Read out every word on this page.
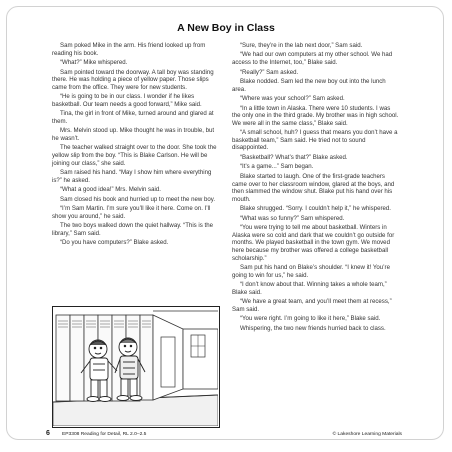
A New Boy in Class

Sam poked Mike in the arm. His friend looked up from reading his book.

“What?” Mike whispered.

Sam pointed toward the doorway. A tall boy was standing there. He was holding a piece of yellow paper. Those slips came from the office. They were for new students.

“He is going to be in our class. I wonder if he likes basketball. Our team needs a good forward,” Mike said.

Tina, the girl in front of Mike, turned around and glared at them.

Mrs. Melvin stood up. Mike thought he was in trouble, but he wasn’t.

The teacher walked straight over to the door. She took the yellow slip from the boy. “This is Blake Carlson. He will be joining our class,” she said.

Sam raised his hand. “May I show him where everything is?” he asked.

“What a good idea!” Mrs. Melvin said.

Sam closed his book and hurried up to meet the new boy.

“I’m Sam Martin. I’m sure you’ll like it here. Come on. I’ll show you around,” he said.

The two boys walked down the quiet hallway. “This is the library,” Sam said.

“Do you have computers?” Blake asked.

“Sure, they’re in the lab next door,” Sam said.

“We had our own computers at my other school. We had access to the Internet, too,” Blake said.

“Really?” Sam asked.

Blake nodded. Sam led the new boy out into the lunch area.

“Where was your school?” Sam asked.

“In a little town in Alaska. There were 10 students. I was the only one in the third grade. My brother was in high school. We were all in the same class,” Blake said.

“A small school, huh? I guess that means you don’t have a basketball team,” Sam said. He tried not to sound disappointed.

“Basketball? What’s that?” Blake asked.

“It’s a game...” Sam began.

Blake started to laugh. One of the first-grade teachers came over to her classroom window, glared at the boys, and then slammed the window shut. Blake put his hand over his mouth.

Blake shrugged. “Sorry. I couldn’t help it,” he whispered.

“What was so funny?” Sam whispered.

“You were trying to tell me about basketball. Winters in Alaska were so cold and dark that we couldn’t go outside for months. We played basketball in the town gym. We moved here because my brother was offered a college basketball scholarship.”

Sam put his hand on Blake’s shoulder. “I knew it! You’re going to win for us,” he said.

“I don’t know about that. Winning takes a whole team,” Blake said.

“We have a great team, and you’ll meet them at recess,” Sam said.

“You were right. I’m going to like it here,” Blake said.

Whispering, the two new friends hurried back to class.

6 EP3308 Reading for Detail, RL 2.0–2.5	© Lakeshore Learning Materials
